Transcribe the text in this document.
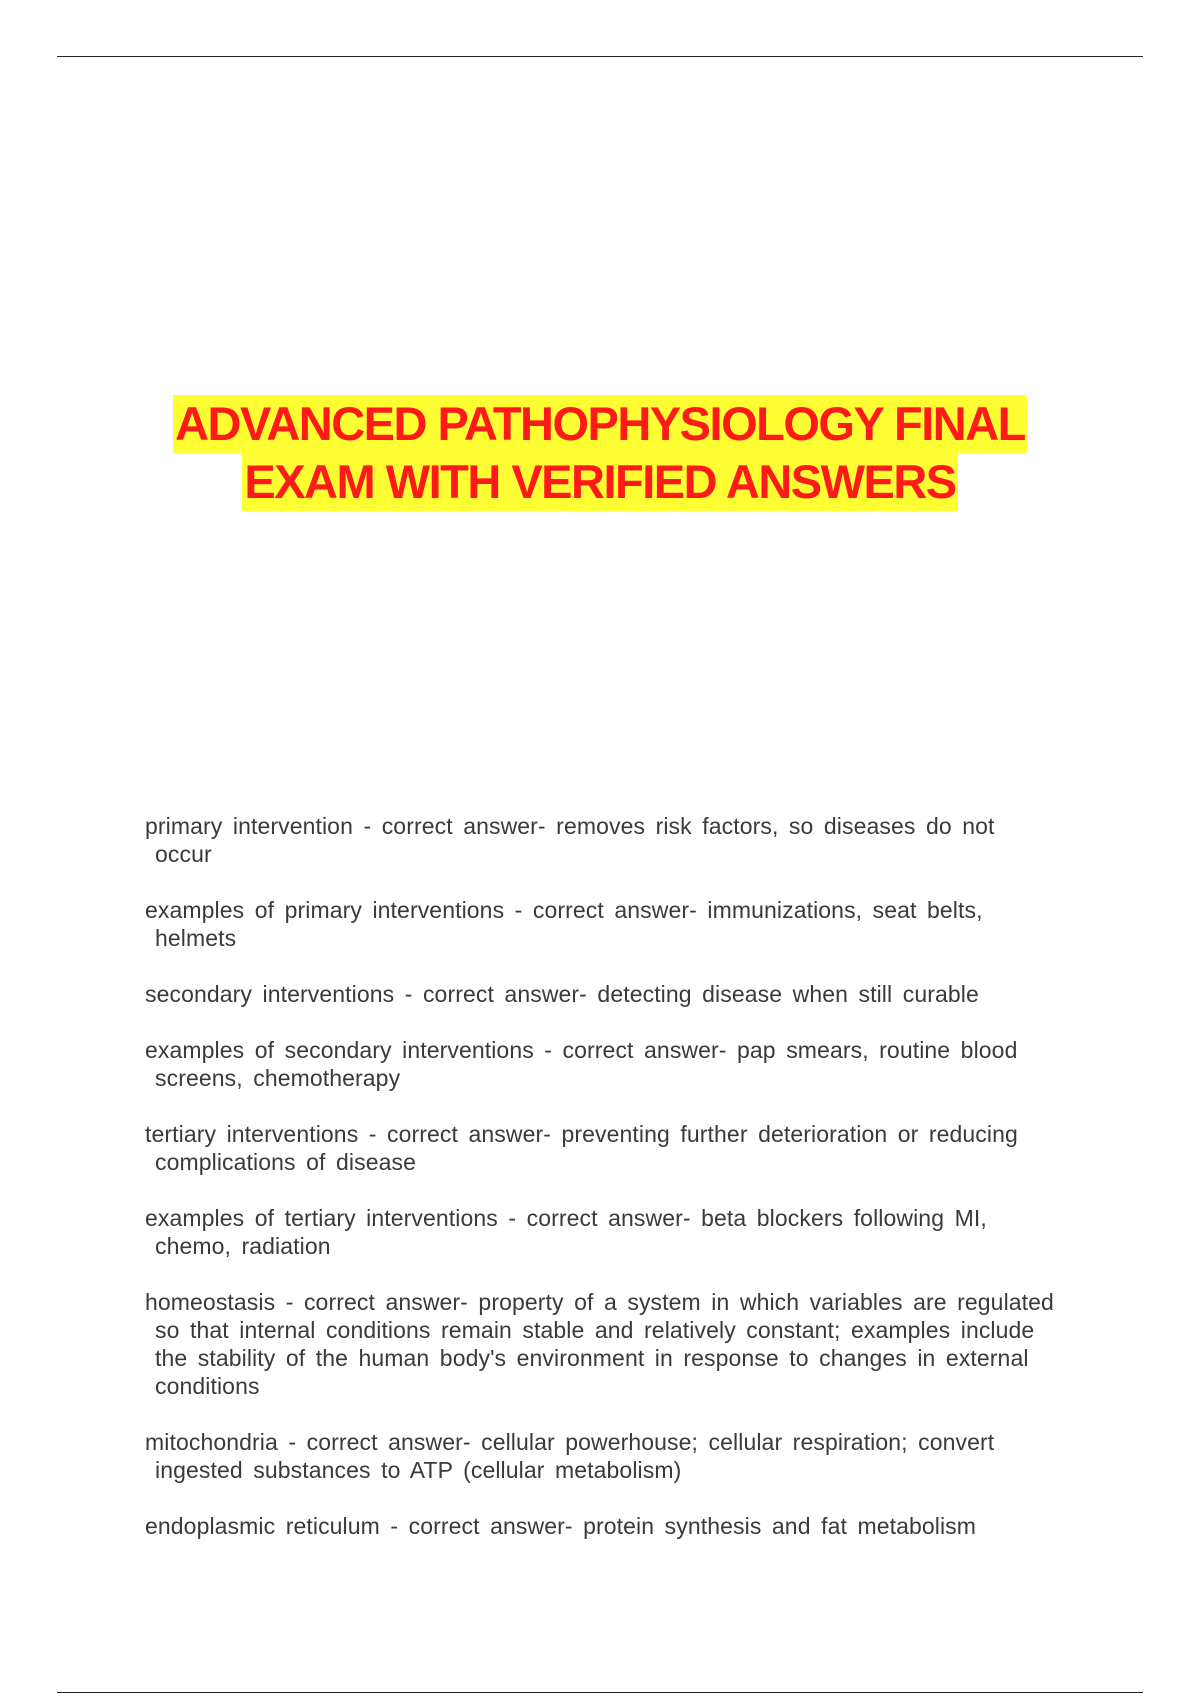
ADVANCED PATHOPHYSIOLOGY FINAL
EXAM WITH VERIFIED ANSWERS
primary intervention - correct answer- removes risk factors, so diseases do not occur
examples of primary interventions - correct answer- immunizations, seat belts, helmets
secondary interventions - correct answer- detecting disease when still curable
examples of secondary interventions - correct answer- pap smears, routine blood screens, chemotherapy
tertiary interventions - correct answer- preventing further deterioration or reducing complications of disease
examples of tertiary interventions - correct answer- beta blockers following MI, chemo, radiation
homeostasis - correct answer- property of a system in which variables are regulated so that internal conditions remain stable and relatively constant; examples include the stability of the human body's environment in response to changes in external conditions
mitochondria - correct answer- cellular powerhouse; cellular respiration; convert ingested substances to ATP (cellular metabolism)
endoplasmic reticulum - correct answer- protein synthesis and fat metabolism
